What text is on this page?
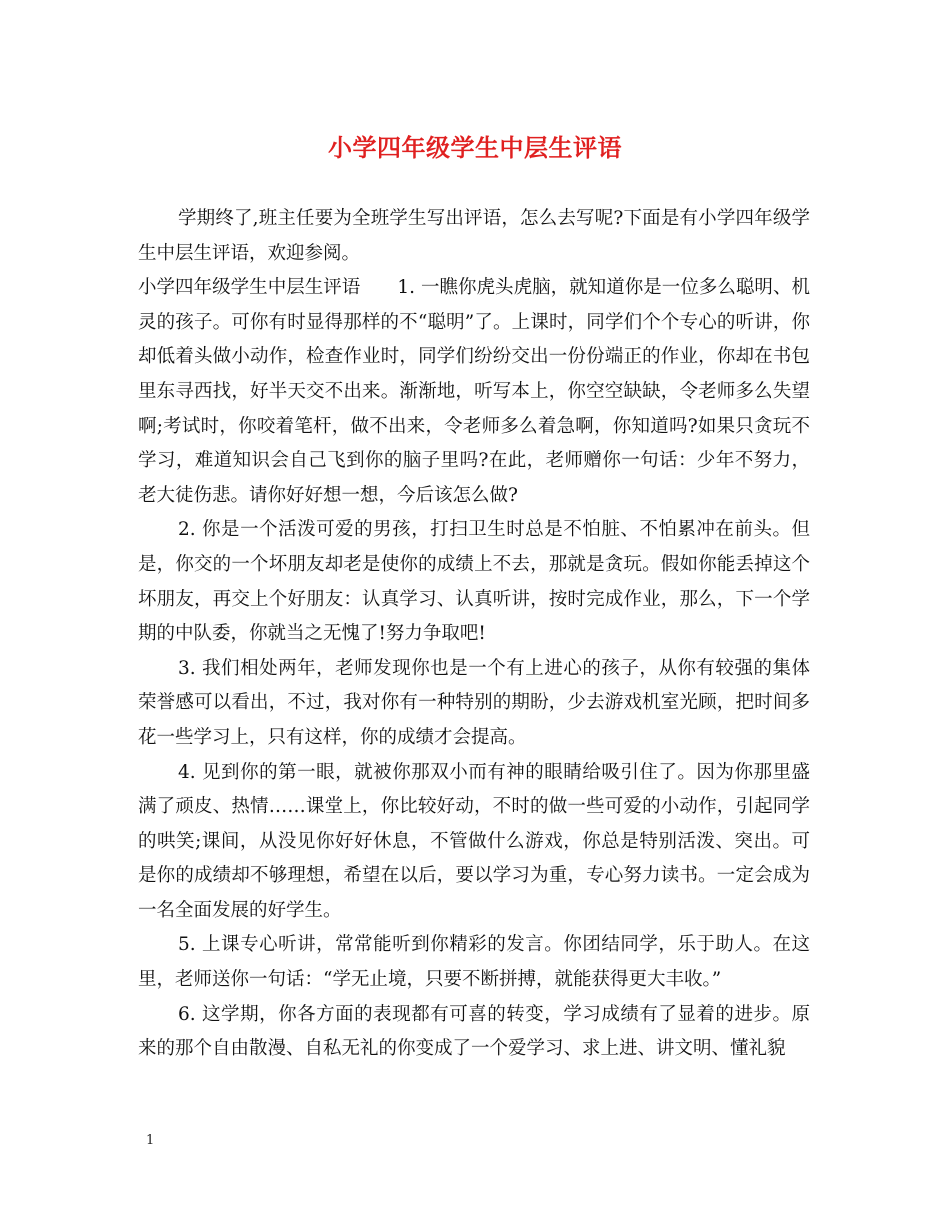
小学四年级学生中层生评语

学期终了,班主任要为全班学生写出评语，怎么去写呢?下面是有小学四年级学生中层生评语，欢迎参阅。

小学四年级学生中层生评语　　1. 一瞧你虎头虎脑，就知道你是一位多么聪明、机灵的孩子。可你有时显得那样的不“聪明”了。上课时，同学们个个专心的听讲，你却低着头做小动作，检查作业时，同学们纷纷交出一份份端正的作业，你却在书包里东寻西找，好半天交不出来。渐渐地，听写本上，你空空缺缺，令老师多么失望啊;考试时，你咬着笔杆，做不出来，令老师多么着急啊，你知道吗?如果只贪玩不学习，难道知识会自己飞到你的脑子里吗?在此，老师赠你一句话：少年不努力，老大徒伤悲。请你好好想一想，今后该怎么做?

2. 你是一个活泼可爱的男孩，打扫卫生时总是不怕脏、不怕累冲在前头。但是，你交的一个坏朋友却老是使你的成绩上不去，那就是贪玩。假如你能丢掉这个坏朋友，再交上个好朋友：认真学习、认真听讲，按时完成作业，那么，下一个学期的中队委，你就当之无愧了!努力争取吧!

3. 我们相处两年，老师发现你也是一个有上进心的孩子，从你有较强的集体荣誉感可以看出，不过，我对你有一种特别的期盼，少去游戏机室光顾，把时间多花一些学习上，只有这样，你的成绩才会提高。

4. 见到你的第一眼，就被你那双小而有神的眼睛给吸引住了。因为你那里盛满了顽皮、热情……课堂上，你比较好动，不时的做一些可爱的小动作，引起同学的哄笑;课间，从没见你好好休息，不管做什么游戏，你总是特别活泼、突出。可是你的成绩却不够理想，希望在以后，要以学习为重，专心努力读书。一定会成为一名全面发展的好学生。

5. 上课专心听讲，常常能听到你精彩的发言。你团结同学，乐于助人。在这里，老师送你一句话：“学无止境，只要不断拼搏，就能获得更大丰收。”

6. 这学期，你各方面的表现都有可喜的转变，学习成绩有了显着的进步。原来的那个自由散漫、自私无礼的你变成了一个爱学习、求上进、讲文明、懂礼貌

1
